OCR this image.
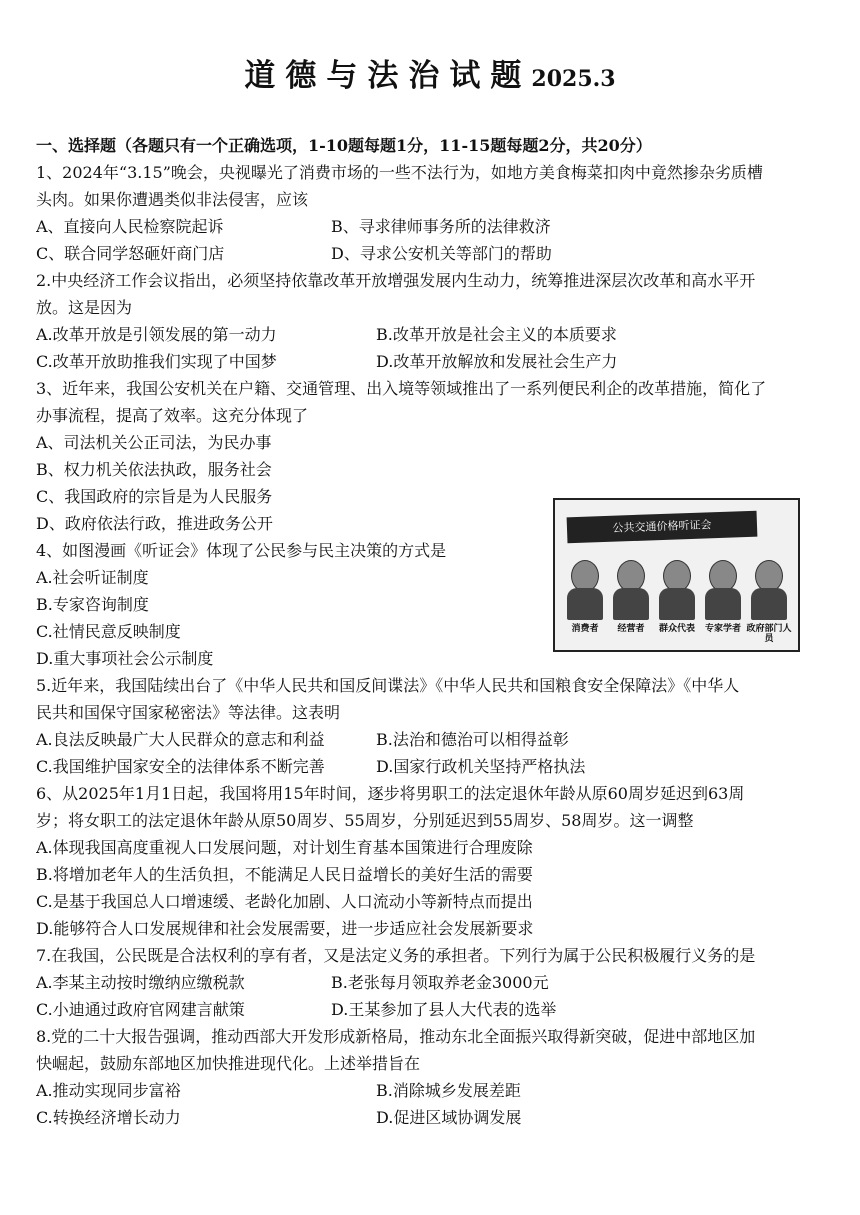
道德与法治试题2025.3
一、选择题（各题只有一个正确选项，1-10题每题1分，11-15题每题2分，共20分）
1、2024年“3.15”晚会，央视曝光了消费市场的一些不法行为，如地方美食梅菜扣肉中竟然掺杂劣质槽
头肉。如果你遭遇类似非法侵害，应该
A、直接向人民检察院起诉	B、寻求律师事务所的法律救济
C、联合同学怒砸奸商门店	D、寻求公安机关等部门的帮助
2.中央经济工作会议指出，必须坚持依靠改革开放增强发展内生动力，统筹推进深层次改革和高水平开
放。这是因为
A.改革开放是引领发展的第一动力	B.改革开放是社会主义的本质要求
C.改革开放助推我们实现了中国梦	D.改革开放解放和发展社会生产力
3、近年来，我国公安机关在户籍、交通管理、出入境等领域推出了一系列便民利企的改革措施，简化了
办事流程，提高了效率。这充分体现了
A、司法机关公正司法，为民办事
B、权力机关依法执政，服务社会
C、我国政府的宗旨是为人民服务
D、政府依法行政，推进政务公开
4、如图漫画《听证会》体现了公民参与民主决策的方式是
A.社会听证制度
B.专家咨询制度
C.社情民意反映制度
D.重大事项社会公示制度
5.近年来，我国陆续出台了《中华人民共和国反间谍法》《中华人民共和国粮食安全保障法》《中华人
民共和国保守国家秘密法》等法律。这表明
A.良法反映最广大人民群众的意志和利益	B.法治和德治可以相得益彰
C.我国维护国家安全的法律体系不断完善	D.国家行政机关坚持严格执法
6、从2025年1月1日起，我国将用15年时间，逐步将男职工的法定退休年龄从原60周岁延迟到63周
岁；将女职工的法定退休年龄从原50周岁、55周岁，分别延迟到55周岁、58周岁。这一调整
A.体现我国高度重视人口发展问题，对计划生育基本国策进行合理废除
B.将增加老年人的生活负担，不能满足人民日益增长的美好生活的需要
C.是基于我国总人口增速缓、老龄化加剧、人口流动小等新特点而提出
D.能够符合人口发展规律和社会发展需要，进一步适应社会发展新要求
7.在我国，公民既是合法权利的享有者，又是法定义务的承担者。下列行为属于公民积极履行义务的是
A.李某主动按时缴纳应缴税款	B.老张每月领取养老金3000元
C.小迪通过政府官网建言献策	D.王某参加了县人大代表的选举
8.党的二十大报告强调，推动西部大开发形成新格局，推动东北全面振兴取得新突破，促进中部地区加
快崛起，鼓励东部地区加快推进现代化。上述举措旨在
A.推动实现同步富裕	B.消除城乡发展差距
C.转换经济增长动力	D.促进区域协调发展
公共交通价格听证会
消费者	经营者	群众代表	专家学者 政府部门人员
